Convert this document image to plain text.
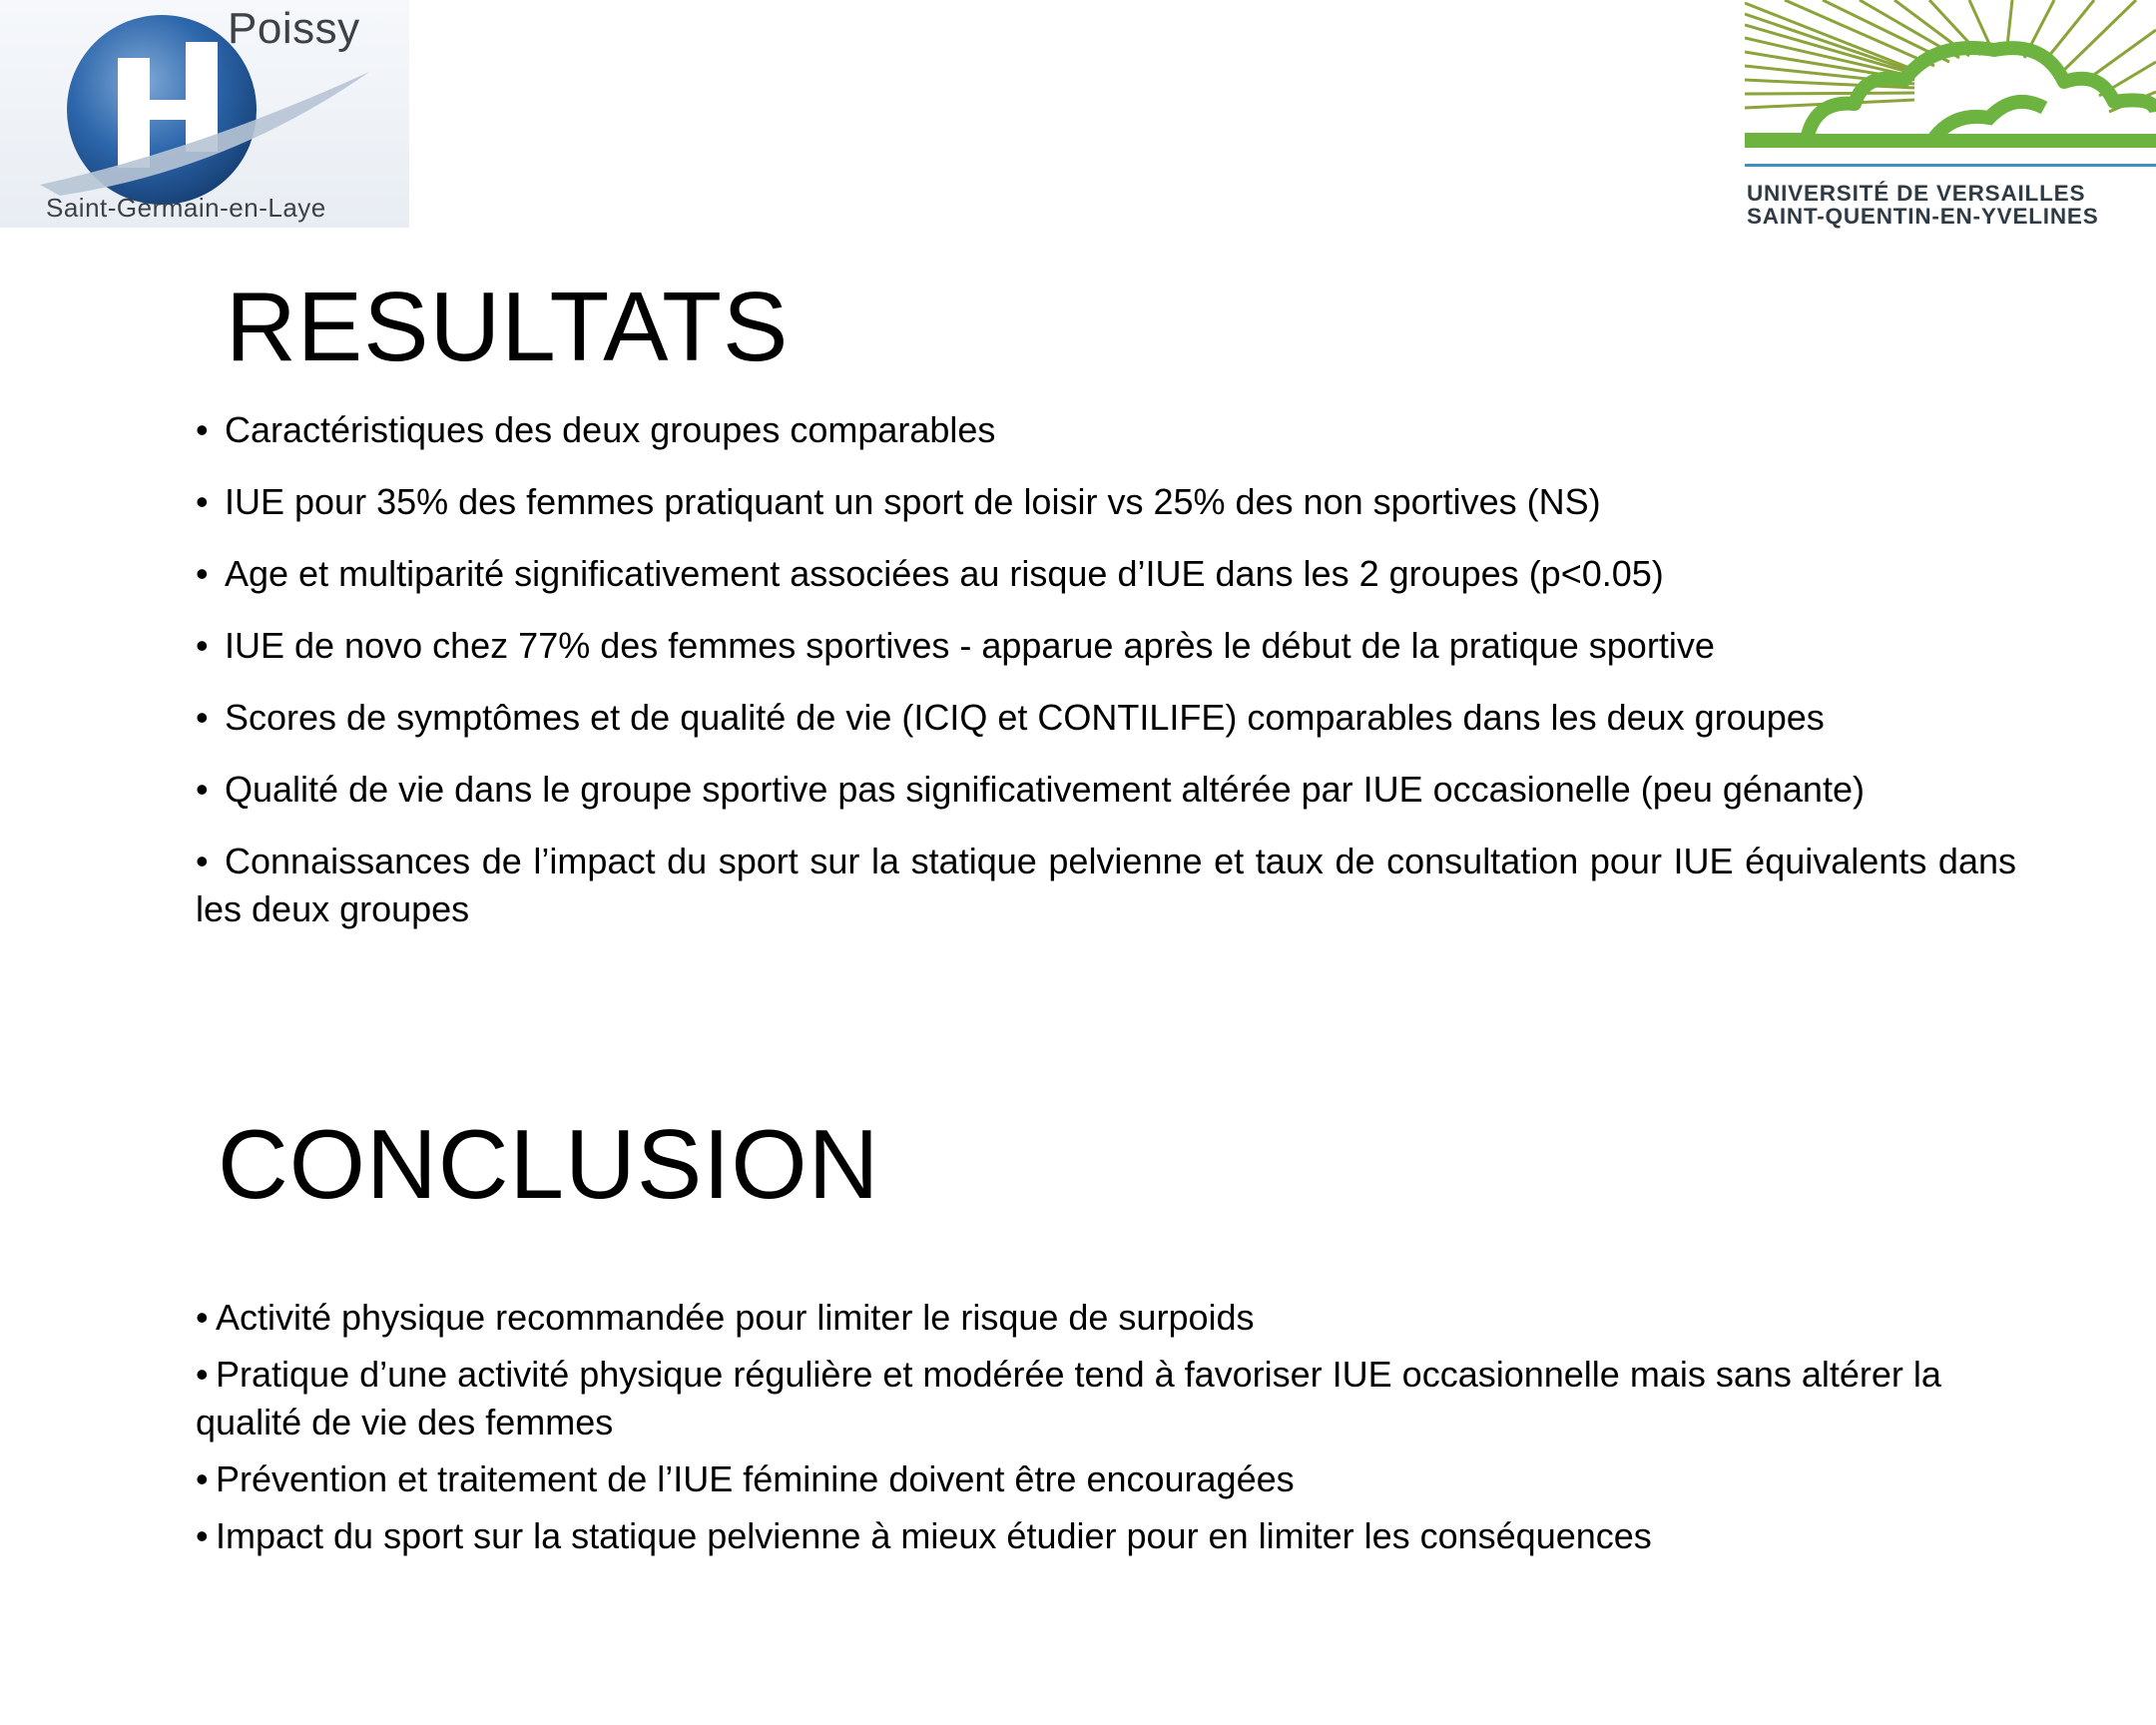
Poissy
Saint-Germain-en-Laye	UNIVERSITÉ DE VERSAILLES
SAINT-QUENTIN-EN-YVELINES
RESULTATS
• Caractéristiques des deux groupes comparables
• IUE pour 35% des femmes pratiquant un sport de loisir vs 25% des non sportives (NS)
• Age et multiparité significativement associées au risque d’IUE dans les 2 groupes (p<0.05)
• IUE de novo chez 77% des femmes sportives - apparue après le début de la pratique sportive
• Scores de symptômes et de qualité de vie (ICIQ et CONTILIFE) comparables dans les deux groupes
• Qualité de vie dans le groupe sportive pas significativement altérée par IUE occasionelle (peu génante)
• Connaissances de l’impact du sport sur la statique pelvienne et taux de consultation pour IUE équivalents dans les deux groupes
CONCLUSION
• Activité physique recommandée pour limiter le risque de surpoids
• Pratique d’une activité physique régulière et modérée tend à favoriser IUE occasionnelle mais sans altérer la qualité de vie des femmes
• Prévention et traitement de l’IUE féminine doivent être encouragées
• Impact du sport sur la statique pelvienne à mieux étudier pour en limiter les conséquences
